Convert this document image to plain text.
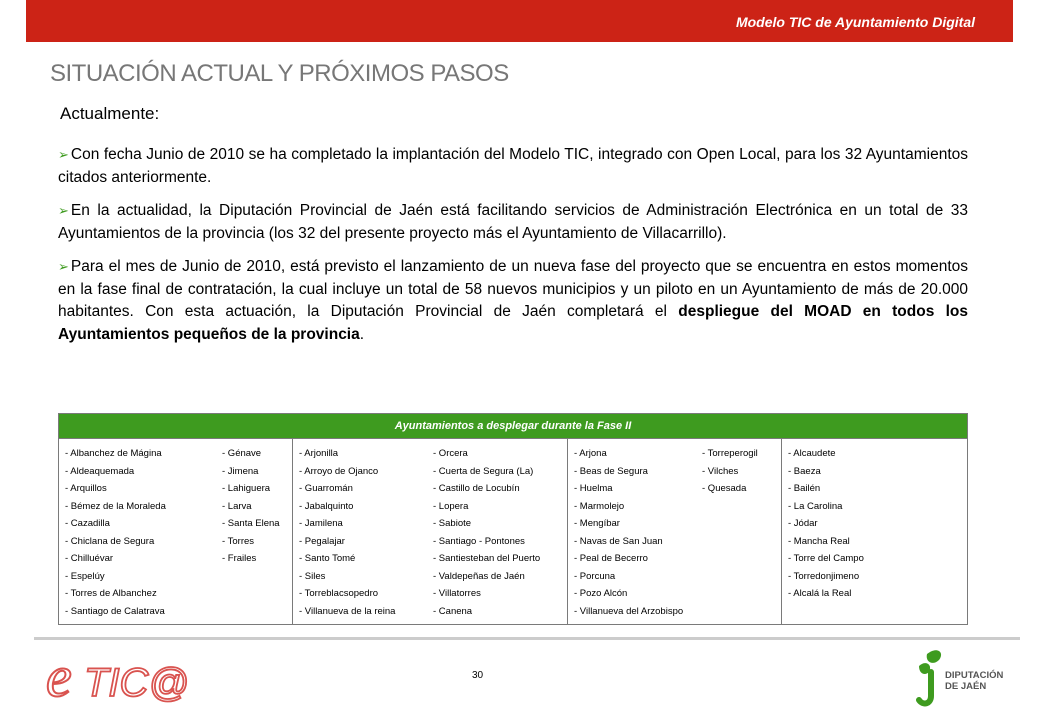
Modelo TIC de Ayuntamiento Digital
SITUACIÓN ACTUAL Y PRÓXIMOS PASOS
Actualmente:

➢ Con fecha Junio de 2010 se ha completado la implantación del Modelo TIC, integrado con Open Local, para los 32 Ayuntamientos citados anteriormente.

➢ En la actualidad, la Diputación Provincial de Jaén está facilitando servicios de Administración Electrónica en un total de 33 Ayuntamientos de la provincia (los 32 del presente proyecto más el Ayuntamiento de Villacarrillo).

➢ Para el mes de Junio de 2010, está previsto el lanzamiento de un nueva fase del proyecto que se encuentra en estos momentos en la fase final de contratación, la cual incluye un total de 58 nuevos municipios y un piloto en un Ayuntamiento de más de 20.000 habitantes. Con esta actuación, la Diputación Provincial de Jaén completará el despliegue del MOAD en todos los Ayuntamientos pequeños de la provincia.

Ayuntamientos a desplegar durante la Fase II
- Albanchez de Mágina	- Génave
- Aldeaquemada	- Jimena
- Arquillos	- Lahiguera
- Bémez de la Moraleda	- Larva
- Cazadilla	- Santa Elena
- Chiclana de Segura	- Torres
- Chilluévar	- Frailes
- Espelúy
- Torres de Albanchez
- Santiago de Calatrava
- Arjonilla	- Orcera
- Arroyo de Ojanco	- Cuerta de Segura (La)
- Guarromán	- Castillo de Locubín
- Jabalquinto	- Lopera
- Jamilena	- Sabiote
- Pegalajar	- Santiago - Pontones
- Santo Tomé	- Santiesteban del Puerto
- Siles	- Valdepeñas de Jaén
- Torreblacsopedro	- Villatorres
- Villanueva de la reina	- Canena
- Arjona	- Torreperogil
- Beas de Segura	- Vilches
- Huelma	- Quesada
- Marmolejo
- Mengíbar
- Navas de San Juan
- Peal de Becerro
- Porcuna
- Pozo Alcón
- Villanueva del Arzobispo
- Alcaudete
- Baeza
- Bailén
- La Carolina
- Jódar
- Mancha Real
- Torre del Campo
- Torredonjimeno
- Alcalá la Real
e TIC@	30	DIPUTACIÓN
DE JAÉN
